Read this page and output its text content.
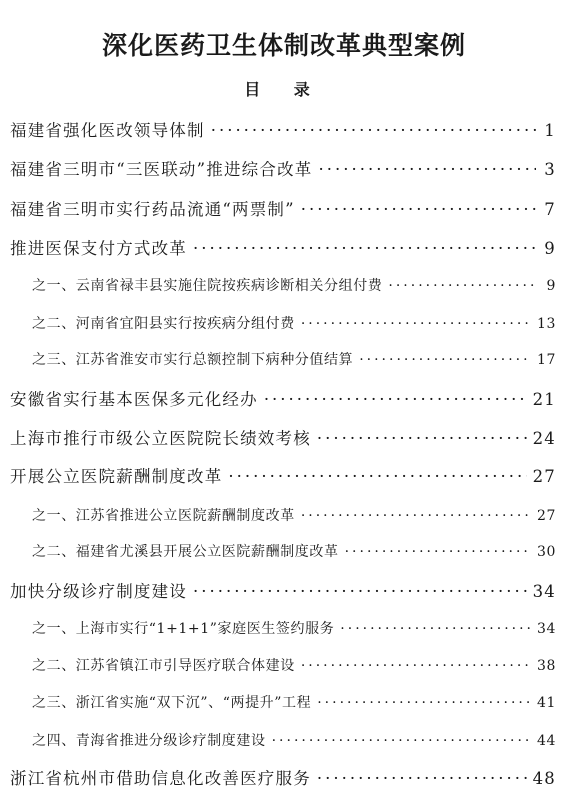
深化医药卫生体制改革典型案例
目 录
福建省强化医改领导体制 ·····	1
福建省三明市“三医联动”推进综合改革 ·····	3
福建省三明市实行药品流通“两票制” ·····	7
推进医保支付方式改革 ·····	9
之一、云南省禄丰县实施住院按疾病诊断相关分组付费 ·····	9
之二、河南省宜阳县实行按疾病分组付费 ·····	13
之三、江苏省淮安市实行总额控制下病种分值结算 ·····	17
安徽省实行基本医保多元化经办 ·····	21
上海市推行市级公立医院院长绩效考核 ·····	24
开展公立医院薪酬制度改革 ·····	27
之一、江苏省推进公立医院薪酬制度改革 ·····	27
之二、福建省尤溪县开展公立医院薪酬制度改革 ·····	30
加快分级诊疗制度建设 ·····	34
之一、上海市实行“1+1+1”家庭医生签约服务 ·····	34
之二、江苏省镇江市引导医疗联合体建设 ·····	38
之三、浙江省实施“双下沉”、“两提升”工程 ·····	41
之四、青海省推进分级诊疗制度建设 ·····	44
浙江省杭州市借助信息化改善医疗服务 ·····	48
